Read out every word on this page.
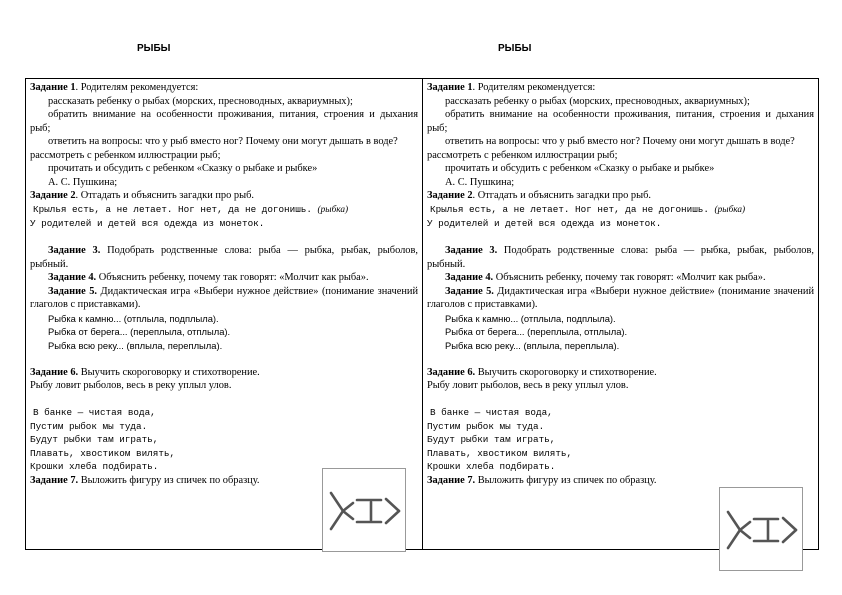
РЫБЫ	РЫБЫ

Задание 1. Родителям рекомендуется:

рассказать ребенку о рыбах (морских, пресноводных, аквариумных);

обратить внимание на особенности проживания, питания, строения и дыхания рыб;

ответить на вопросы: что у рыб вместо ног? Почему они могут дышать в воде?

рассмотреть с ребенком иллюстрации рыб;

прочитать и обсудить с ребенком «Сказку о рыбаке и рыбке»

А. С. Пушкина;

Задание 2. Отгадать и объяснить загадки про рыб.

Крылья есть, а не летает. Ног нет, да не догонишь. (рыбка)

У родителей и детей вся одежда из монеток.

Задание 3. Подобрать родственные слова: рыба — рыбка, рыбак, рыболов, рыбный.

Задание 4. Объяснить ребенку, почему так говорят: «Молчит как рыба».

Задание 5. Дидактическая игра «Выбери нужное действие» (понимание значений глаголов с приставками).

Рыбка к камню... (отплыла, подплыла).

Рыбка от берега... (переплыла, отплыла).

Рыбка всю реку... (вплыла, переплыла).

Задание 6. Выучить скороговорку и стихотворение.

Рыбу ловит рыболов, весь в реку уплыл улов.

В банке — чистая вода,

Пустим рыбок мы туда.

Будут рыбки там играть,

Плавать, хвостиком вилять,

Крошки хлеба подбирать.

Задание 7. Выложить фигуру из спичек по образцу.

Задание 1. Родителям рекомендуется:

рассказать ребенку о рыбах (морских, пресноводных, аквариумных);

обратить внимание на особенности проживания, питания, строения и дыхания рыб;

ответить на вопросы: что у рыб вместо ног? Почему они могут дышать в воде?

рассмотреть с ребенком иллюстрации рыб;

прочитать и обсудить с ребенком «Сказку о рыбаке и рыбке»

А. С. Пушкина;

Задание 2. Отгадать и объяснить загадки про рыб.

Крылья есть, а не летает. Ног нет, да не догонишь. (рыбка)

У родителей и детей вся одежда из монеток.

Задание 3. Подобрать родственные слова: рыба — рыбка, рыбак, рыболов, рыбный.

Задание 4. Объяснить ребенку, почему так говорят: «Молчит как рыба».

Задание 5. Дидактическая игра «Выбери нужное действие» (понимание значений глаголов с приставками).

Рыбка к камню... (отплыла, подплыла).

Рыбка от берега... (переплыла, отплыла).

Рыбка всю реку... (вплыла, переплыла).

Задание 6. Выучить скороговорку и стихотворение.

Рыбу ловит рыболов, весь в реку уплыл улов.

В банке — чистая вода,

Пустим рыбок мы туда.

Будут рыбки там играть,

Плавать, хвостиком вилять,

Крошки хлеба подбирать.

Задание 7. Выложить фигуру из спичек по образцу.
